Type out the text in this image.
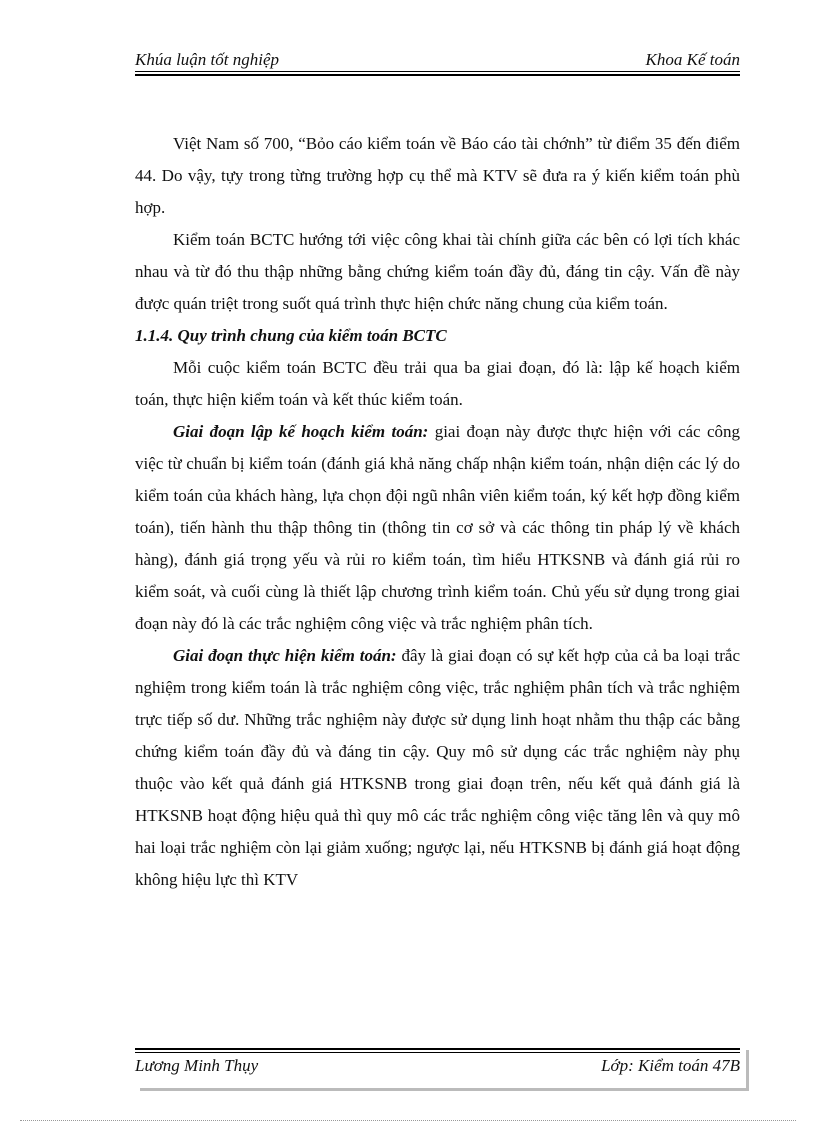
Khúa luận tốt nghiệp	Khoa Kế toán

Việt Nam số 700, “Bỏo cáo kiểm toán về Báo cáo tài chớnh” từ điểm 35 đến điểm 44. Do vậy, tựy trong từng trường hợp cụ thể mà KTV sẽ đưa ra ý kiến kiểm toán phù hợp.

Kiểm toán BCTC hướng tới việc công khai tài chính giữa các bên có lợi tích khác nhau và từ đó thu thập những bằng chứng kiểm toán đầy đủ, đáng tin cậy. Vấn đề này được quán triệt trong suốt quá trình thực hiện chức năng chung của kiểm toán.

1.1.4. Quy trình chung của kiểm toán BCTC

Mỗi cuộc kiểm toán BCTC đều trải qua ba giai đoạn, đó là: lập kế hoạch kiểm toán, thực hiện kiểm toán và kết thúc kiểm toán.

Giai đoạn lập kế hoạch kiểm toán: giai đoạn này được thực hiện với các công việc từ chuẩn bị kiểm toán (đánh giá khả năng chấp nhận kiểm toán, nhận diện các lý do kiểm toán của khách hàng, lựa chọn đội ngũ nhân viên kiểm toán, ký kết hợp đồng kiểm toán), tiến hành thu thập thông tin (thông tin cơ sở và các thông tin pháp lý về khách hàng), đánh giá trọng yếu và rủi ro kiểm toán, tìm hiểu HTKSNB và đánh giá rủi ro kiểm soát, và cuối cùng là thiết lập chương trình kiểm toán. Chủ yếu sử dụng trong giai đoạn này đó là các trắc nghiệm công việc và trắc nghiệm phân tích.

Giai đoạn thực hiện kiểm toán: đây là giai đoạn có sự kết hợp của cả ba loại trắc nghiệm trong kiểm toán là trắc nghiệm công việc, trắc nghiệm phân tích và trắc nghiệm trực tiếp số dư. Những trắc nghiệm này được sử dụng linh hoạt nhằm thu thập các bằng chứng kiểm toán đầy đủ và đáng tin cậy. Quy mô sử dụng các trắc nghiệm này phụ thuộc vào kết quả đánh giá HTKSNB trong giai đoạn trên, nếu kết quả đánh giá là HTKSNB hoạt động hiệu quả thì quy mô các trắc nghiệm công việc tăng lên và quy mô hai loại trắc nghiệm còn lại giảm xuống; ngược lại, nếu HTKSNB bị đánh giá hoạt động không hiệu lực thì KTV

Lương Minh Thụy	Lớp: Kiểm toán 47B
